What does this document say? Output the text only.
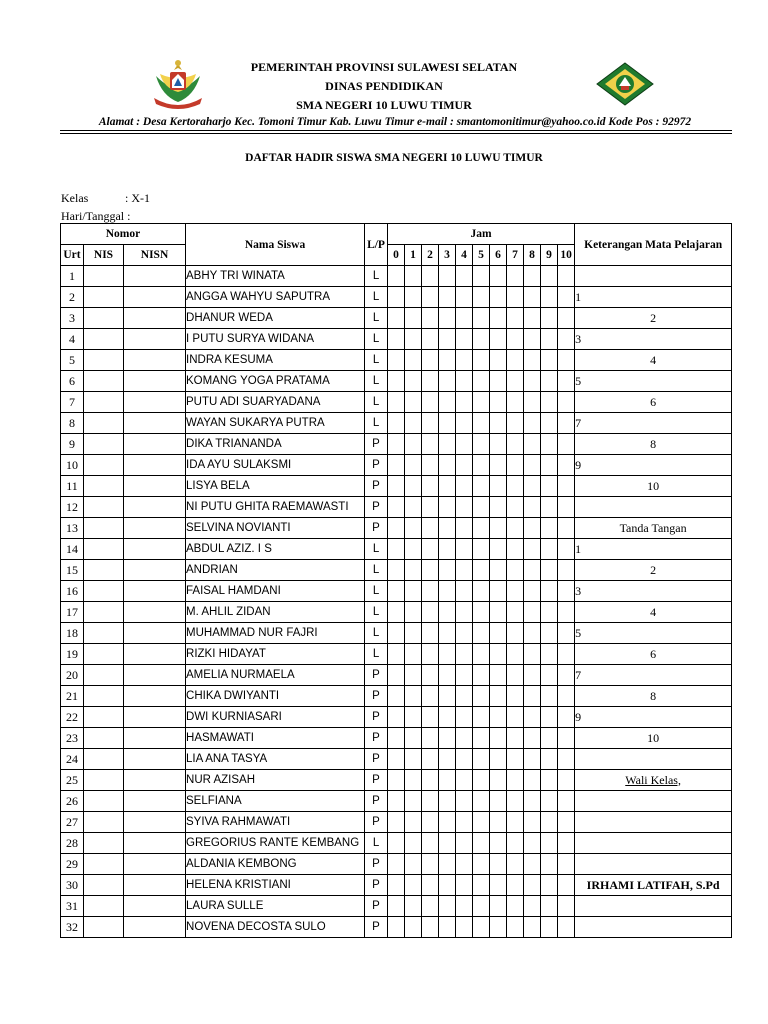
PEMERINTAH PROVINSI SULAWESI SELATAN
DINAS PENDIDIKAN
SMA NEGERI 10 LUWU TIMUR
Alamat : Desa Kertoraharjo Kec. Tomoni Timur Kab. Luwu Timur e-mail : smantomonitimur@yahoo.co.id Kode Pos : 92972
DAFTAR HADIR SISWA SMA NEGERI 10 LUWU TIMUR
Kelas	: X-1
Hari/Tanggal :
Nomor			Nama Siswa	L/P	Jam											Keterangan Mata Pelajaran
Urt	NIS	NISN			0	1	2	3	4	5	6	7	8	9	10	
1			ABHY TRI WINATA	L												
2			ANGGA WAHYU SAPUTRA	L												1
3			DHANUR WEDA	L												2
4			I PUTU SURYA WIDANA	L												3
5			INDRA KESUMA	L												4
6			KOMANG YOGA PRATAMA	L												5
7			PUTU ADI SUARYADANA	L												6
8			WAYAN SUKARYA PUTRA	L												7
9			DIKA TRIANANDA	P												8
10			IDA AYU SULAKSMI	P												9
11			LISYA BELA	P												10
12			NI PUTU GHITA RAEMAWASTI	P												
13			SELVINA NOVIANTI	P												Tanda Tangan
14			ABDUL AZIZ. I S	L												1
15			ANDRIAN	L												2
16			FAISAL HAMDANI	L												3
17			M. AHLIL ZIDAN	L												4
18			MUHAMMAD NUR FAJRI	L												5
19			RIZKI HIDAYAT	L												6
20			AMELIA NURMAELA	P												7
21			CHIKA DWIYANTI	P												8
22			DWI KURNIASARI	P												9
23			HASMAWATI	P												10
24			LIA ANA TASYA	P												
25			NUR AZISAH	P												Wali Kelas,
26			SELFIANA	P												
27			SYIVA RAHMAWATI	P												
28			GREGORIUS RANTE KEMBANG	L												
29			ALDANIA KEMBONG	P												
30			HELENA KRISTIANI	P												IRHAMI LATIFAH, S.Pd
31			LAURA SULLE	P												
32			NOVENA DECOSTA SULO	P												
